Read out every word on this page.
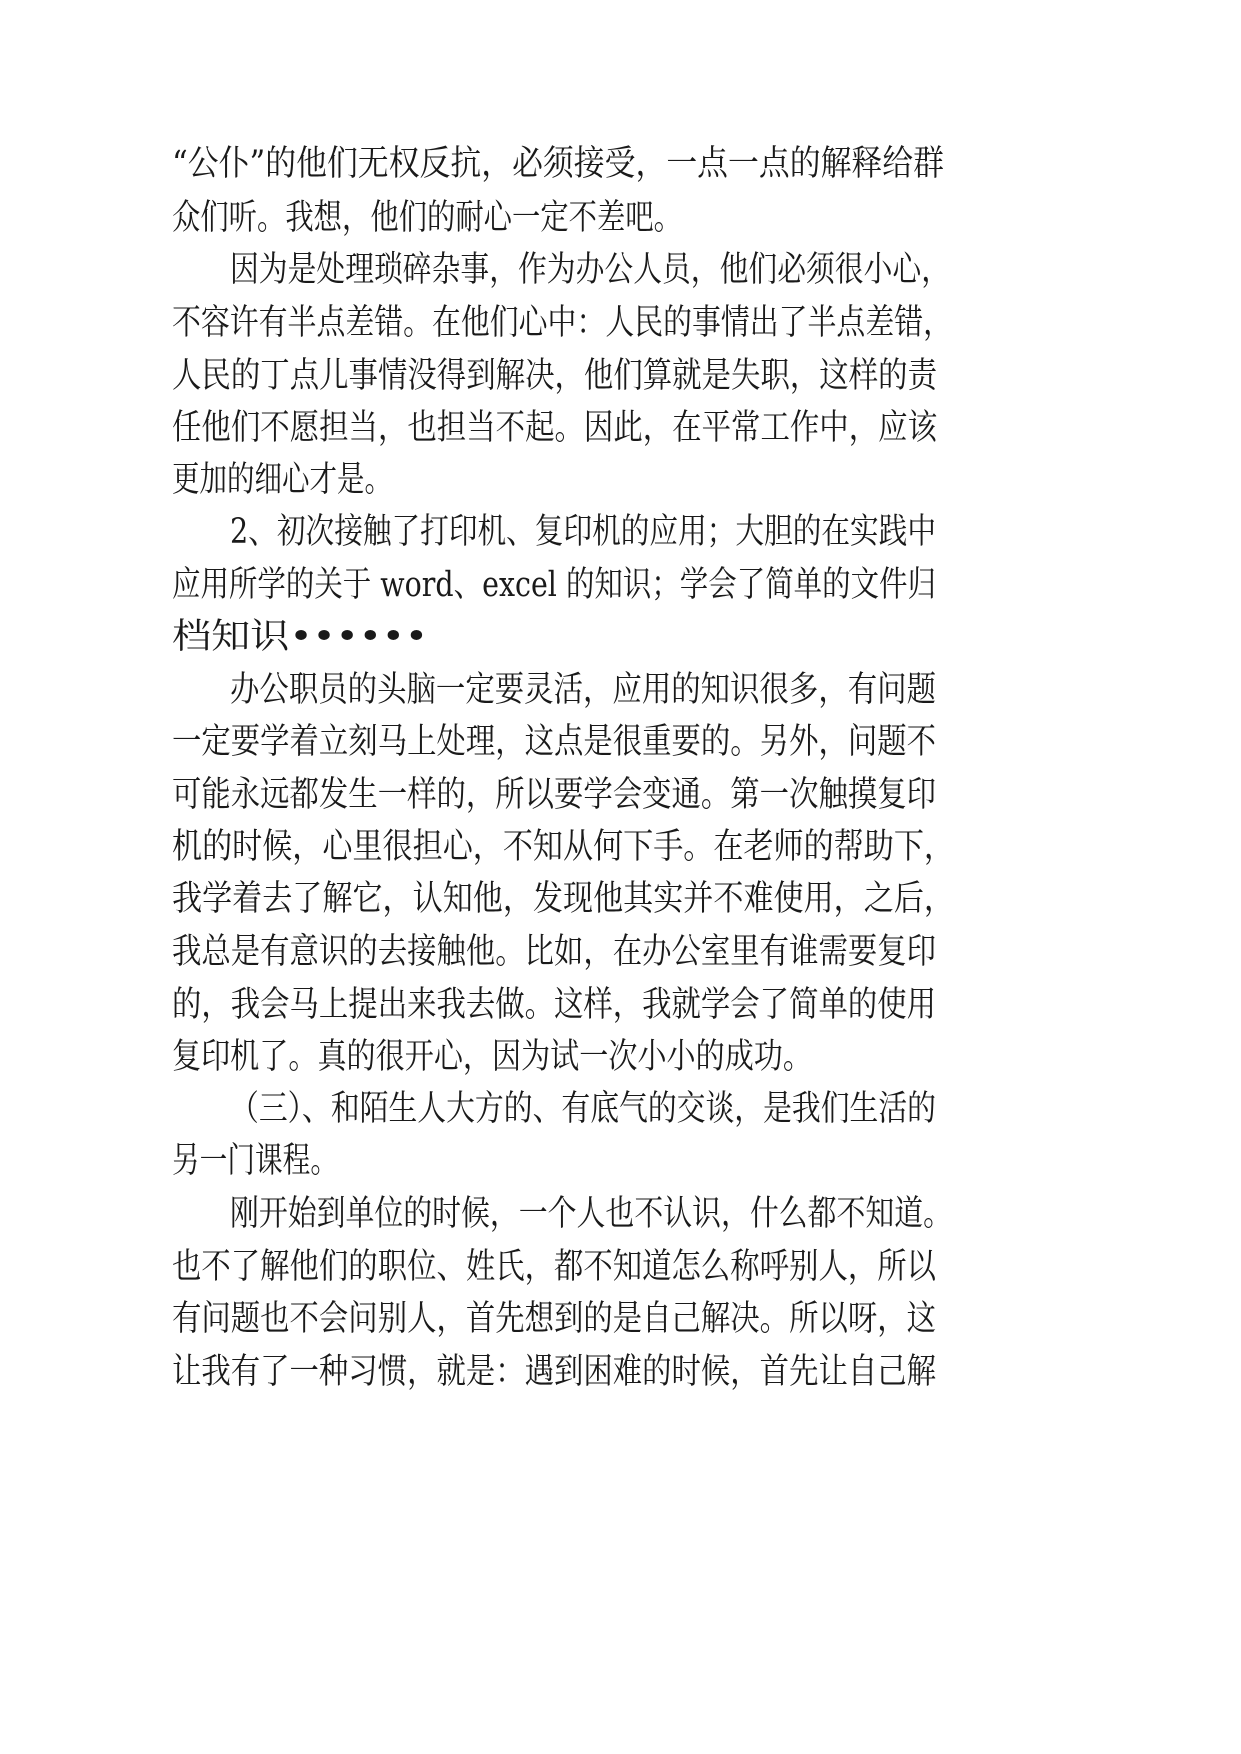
“公仆”的他们无权反抗，必须接受，一点一点的解释给群
众们听。我想，他们的耐心一定不差吧。
因为是处理琐碎杂事，作为办公人员，他们必须很小心，
不容许有半点差错。在他们心中：人民的事情出了半点差错，
人民的丁点儿事情没得到解决，他们算就是失职，这样的责
任他们不愿担当，也担当不起。因此，在平常工作中，应该
更加的细心才是。
2、初次接触了打印机、复印机的应用；大胆的在实践中
应用所学的关于 word、excel 的知识；学会了简单的文件归
档知识••••••
办公职员的头脑一定要灵活，应用的知识很多，有问题
一定要学着立刻马上处理，这点是很重要的。另外，问题不
可能永远都发生一样的，所以要学会变通。第一次触摸复印
机的时候，心里很担心，不知从何下手。在老师的帮助下，
我学着去了解它，认知他，发现他其实并不难使用，之后，
我总是有意识的去接触他。比如，在办公室里有谁需要复印
的，我会马上提出来我去做。这样，我就学会了简单的使用
复印机了。真的很开心，因为试一次小小的成功。
（三）、和陌生人大方的、有底气的交谈，是我们生活的
另一门课程。
刚开始到单位的时候，一个人也不认识，什么都不知道。
也不了解他们的职位、姓氏，都不知道怎么称呼别人，所以
有问题也不会问别人，首先想到的是自己解决。所以呀，这
让我有了一种习惯，就是：遇到困难的时候，首先让自己解
